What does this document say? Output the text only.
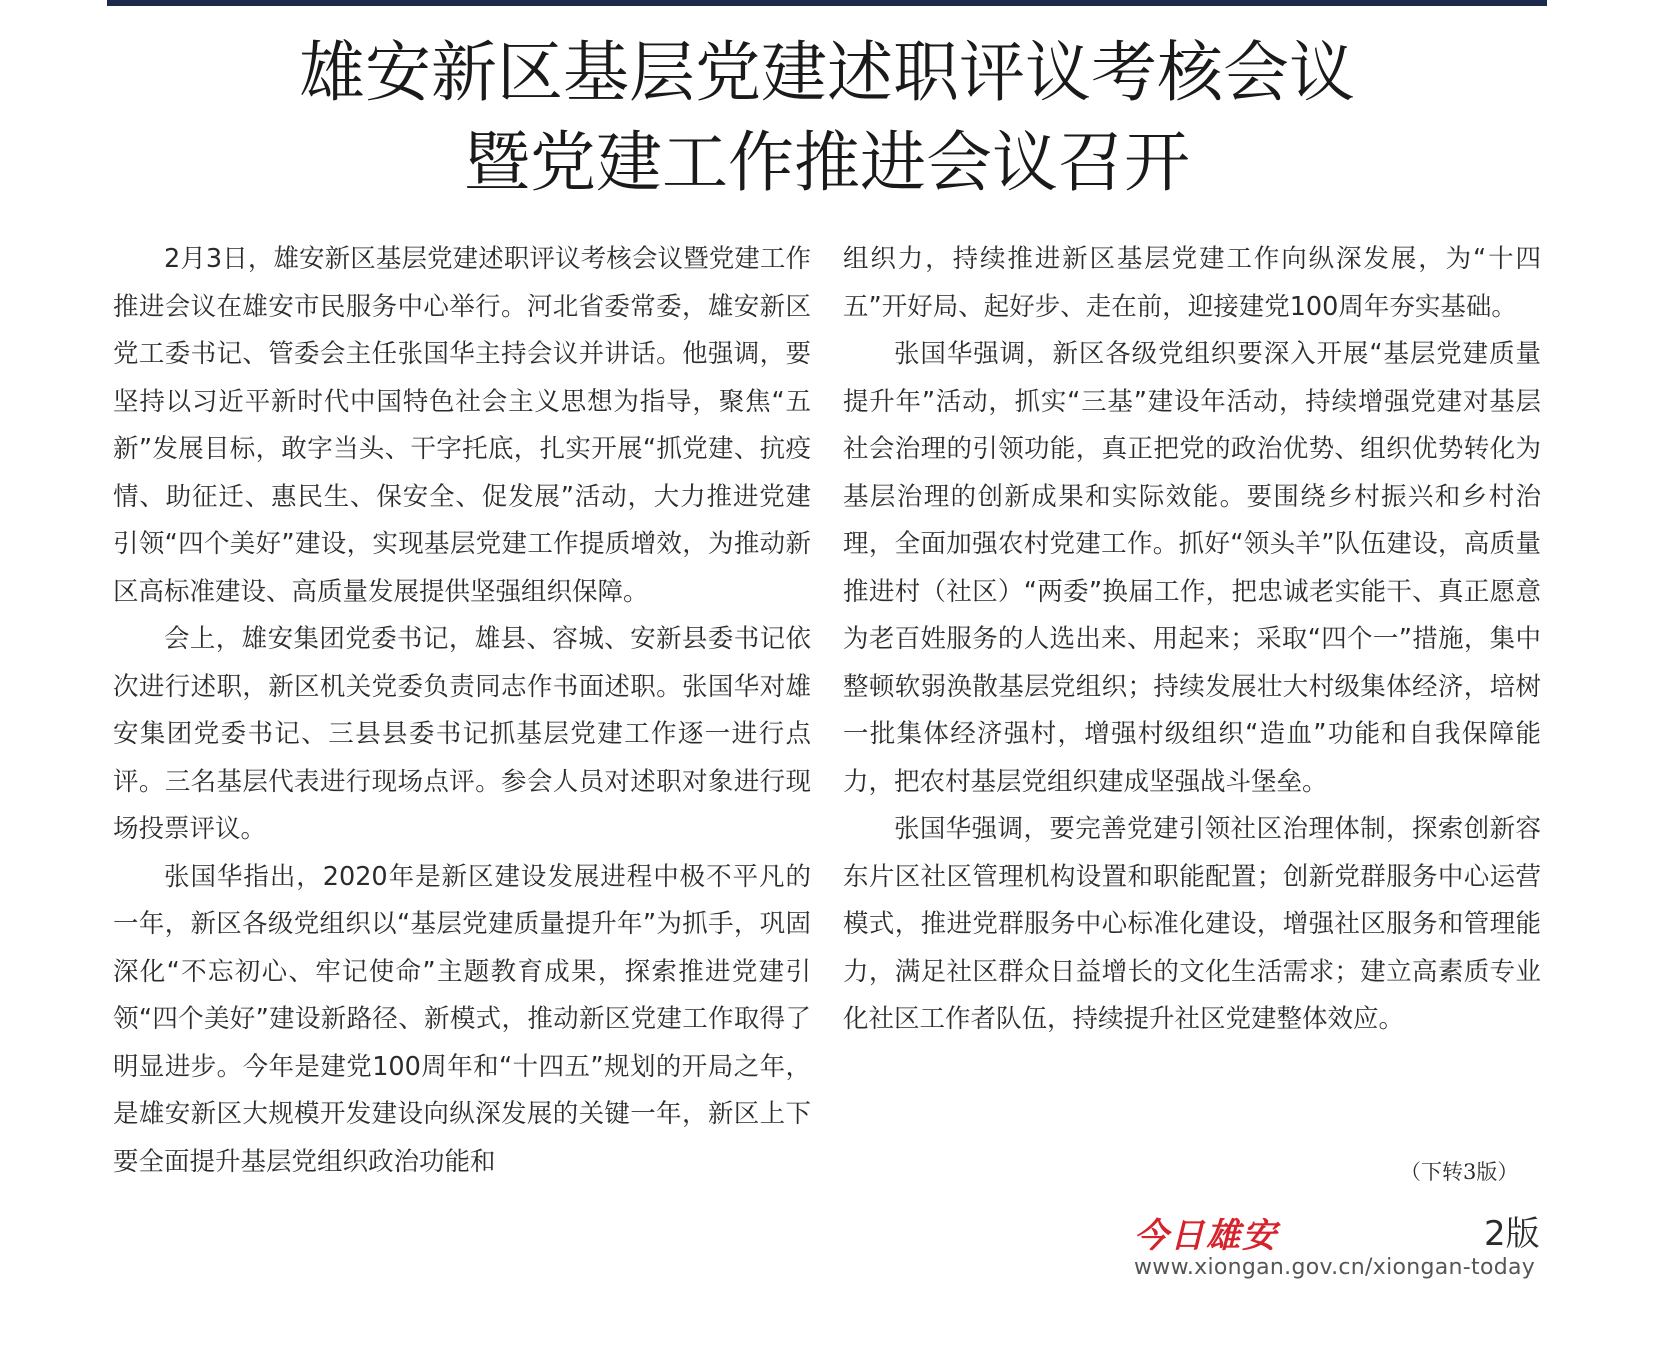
雄安新区基层党建述职评议考核会议
暨党建工作推进会议召开

2月3日，雄安新区基层党建述职评议考核会议暨党建工作推进会议在雄安市民服务中心举行。河北省委常委，雄安新区党工委书记、管委会主任张国华主持会议并讲话。他强调，要坚持以习近平新时代中国特色社会主义思想为指导，聚焦“五新”发展目标，敢字当头、干字托底，扎实开展“抓党建、抗疫情、助征迁、惠民生、保安全、促发展”活动，大力推进党建引领“四个美好”建设，实现基层党建工作提质增效，为推动新区高标准建设、高质量发展提供坚强组织保障。

会上，雄安集团党委书记，雄县、容城、安新县委书记依次进行述职，新区机关党委负责同志作书面述职。张国华对雄安集团党委书记、三县县委书记抓基层党建工作逐一进行点评。三名基层代表进行现场点评。参会人员对述职对象进行现场投票评议。

张国华指出，2020年是新区建设发展进程中极不平凡的一年，新区各级党组织以“基层党建质量提升年”为抓手，巩固深化“不忘初心、牢记使命”主题教育成果，探索推进党建引领“四个美好”建设新路径、新模式，推动新区党建工作取得了明显进步。今年是建党100周年和“十四五”规划的开局之年，是雄安新区大规模开发建设向纵深发展的关键一年，新区上下要全面提升基层党组织政治功能和

组织力，持续推进新区基层党建工作向纵深发展，为“十四五”开好局、起好步、走在前，迎接建党100周年夯实基础。

张国华强调，新区各级党组织要深入开展“基层党建质量提升年”活动，抓实“三基”建设年活动，持续增强党建对基层社会治理的引领功能，真正把党的政治优势、组织优势转化为基层治理的创新成果和实际效能。要围绕乡村振兴和乡村治理，全面加强农村党建工作。抓好“领头羊”队伍建设，高质量推进村（社区）“两委”换届工作，把忠诚老实能干、真正愿意为老百姓服务的人选出来、用起来；采取“四个一”措施，集中整顿软弱涣散基层党组织；持续发展壮大村级集体经济，培树一批集体经济强村，增强村级组织“造血”功能和自我保障能力，把农村基层党组织建成坚强战斗堡垒。

张国华强调，要完善党建引领社区治理体制，探索创新容东片区社区管理机构设置和职能配置；创新党群服务中心运营模式，推进党群服务中心标准化建设，增强社区服务和管理能力，满足社区群众日益增长的文化生活需求；建立高素质专业化社区工作者队伍，持续提升社区党建整体效应。

（下转3版）
今日雄安	2版
www.xiongan.gov.cn/xiongan-today
